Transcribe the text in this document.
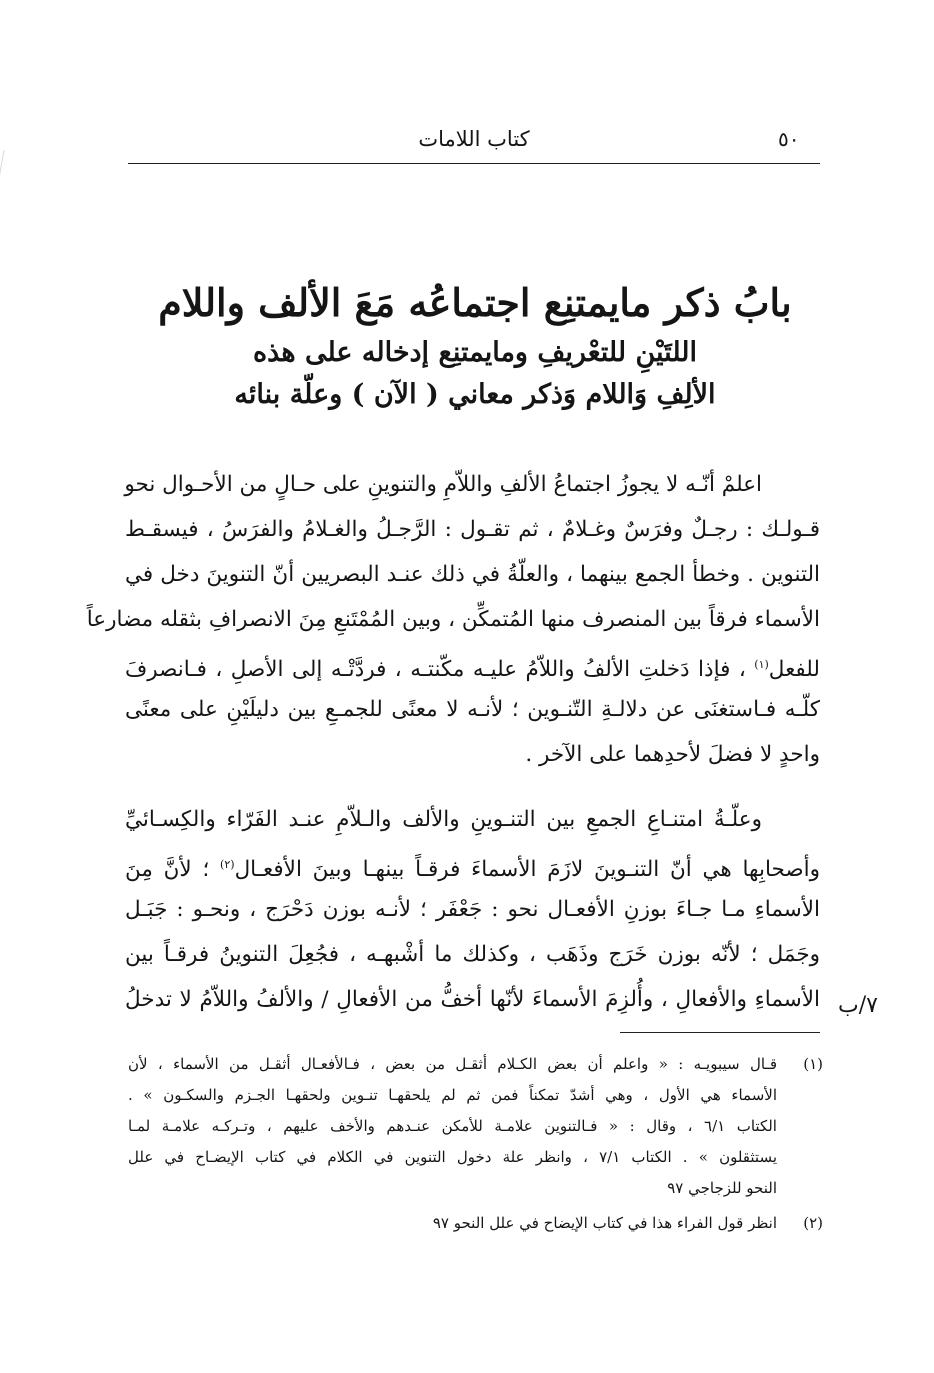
كتاب اللامات	٥٠
بابُ ذكر مايمتنِع اجتماعُه مَعَ الألف واللام
اللتَيْنِ للتعْريفِ ومايمتنِع إدخاله على هذه
الألِفِ وَاللام وَذكر معاني ( الآن ) وعلّة بنائه
اعلمْ أنّـه لا يجوزُ اجتماعُ الألفِ واللاّمِ والتنوينِ على حـالٍ من الأحـوال نحو
قـولـك : رجـلٌ وفرَسٌ وغـلامٌ ، ثم تقـول : الرَّجـلُ والغـلامُ والفرَسُ ، فيسقـط
التنوين . وخطأ الجمع بينهما ، والعلّةُ في ذلك عنـد البصريين أنّ التنوينَ دخل في
الأسماء فرقاً بين المنصرف منها المُتمكِّن ، وبين المُمْتَنعِ مِنَ الانصرافِ بثقله مضارعاً
للفعل$^{(١)}$ ، فإذا دَخلتِ الألفُ واللاّمُ عليـه مكّنتـه ، فردَّتْـه إلى الأصلِ ، فـانصرفَ
كلّـه فـاستغنَى عن دلالـةِ التّنـوين ؛ لأنـه لا معنًى للجمـعِ بين دليلَيْنِ على معنًى
واحدٍ لا فضلَ لأحدِهما على الآخر .
وعلّـةُ امتنـاعِ الجمعِ بين التنـوينِ والألف والـلاّمِ عنـد الفَرّاء والكِسـائيِّ
وأصحابِها هي أنّ التنـوينَ لازَمَ الأسماءَ فرقـاً بينهـا وبينَ الأفعـال$^{(٢)}$ ؛ لأنَّ مِنَ
الأسماءِ مـا جـاءَ بوزنِ الأفعـال نحو : جَعْفَر ؛ لأنـه بوزن دَحْرَج ، ونحـو : جَبَـل
وجَمَل ؛ لأنّه بوزن خَرَج وذَهَب ، وكذلك ما أشْبهـه ، فجُعِلَ التنوينُ فرقـاً بين
الأسماءِ والأفعالِ ، وأُلزِمَ الأسماءَ لأنّها أخفُّ من الأفعالِ / والألفُ واللاّمُ لا تدخلُ ٧/ب
(١)
قـال سيبويـه : « واعلم أن بعض الكـلام أثقـل من بعض ، فـالأفعـال أثقـل من الأسماء ، لأن
الأسماء هي الأول ، وهي أشدّ تمكناً فمن ثم لم يلحقهـا تنـوين ولحقهـا الجـزم والسكـون » .
الكتاب ٦/١ ، وقال : « فـالتنوين علامـة للأمكن عنـدهم والأخف عليهم ، وتـركـه علامـة لمـا
يستثقلون » . الكتاب ٧/١ ، وانظر علة دخول التنوين في الكلام في كتاب الإيضـاح في علل
النحو للزجاجي ٩٧
(٢)
انظر قول الفراء هذا في كتاب الإيضاح في علل النحو ٩٧
